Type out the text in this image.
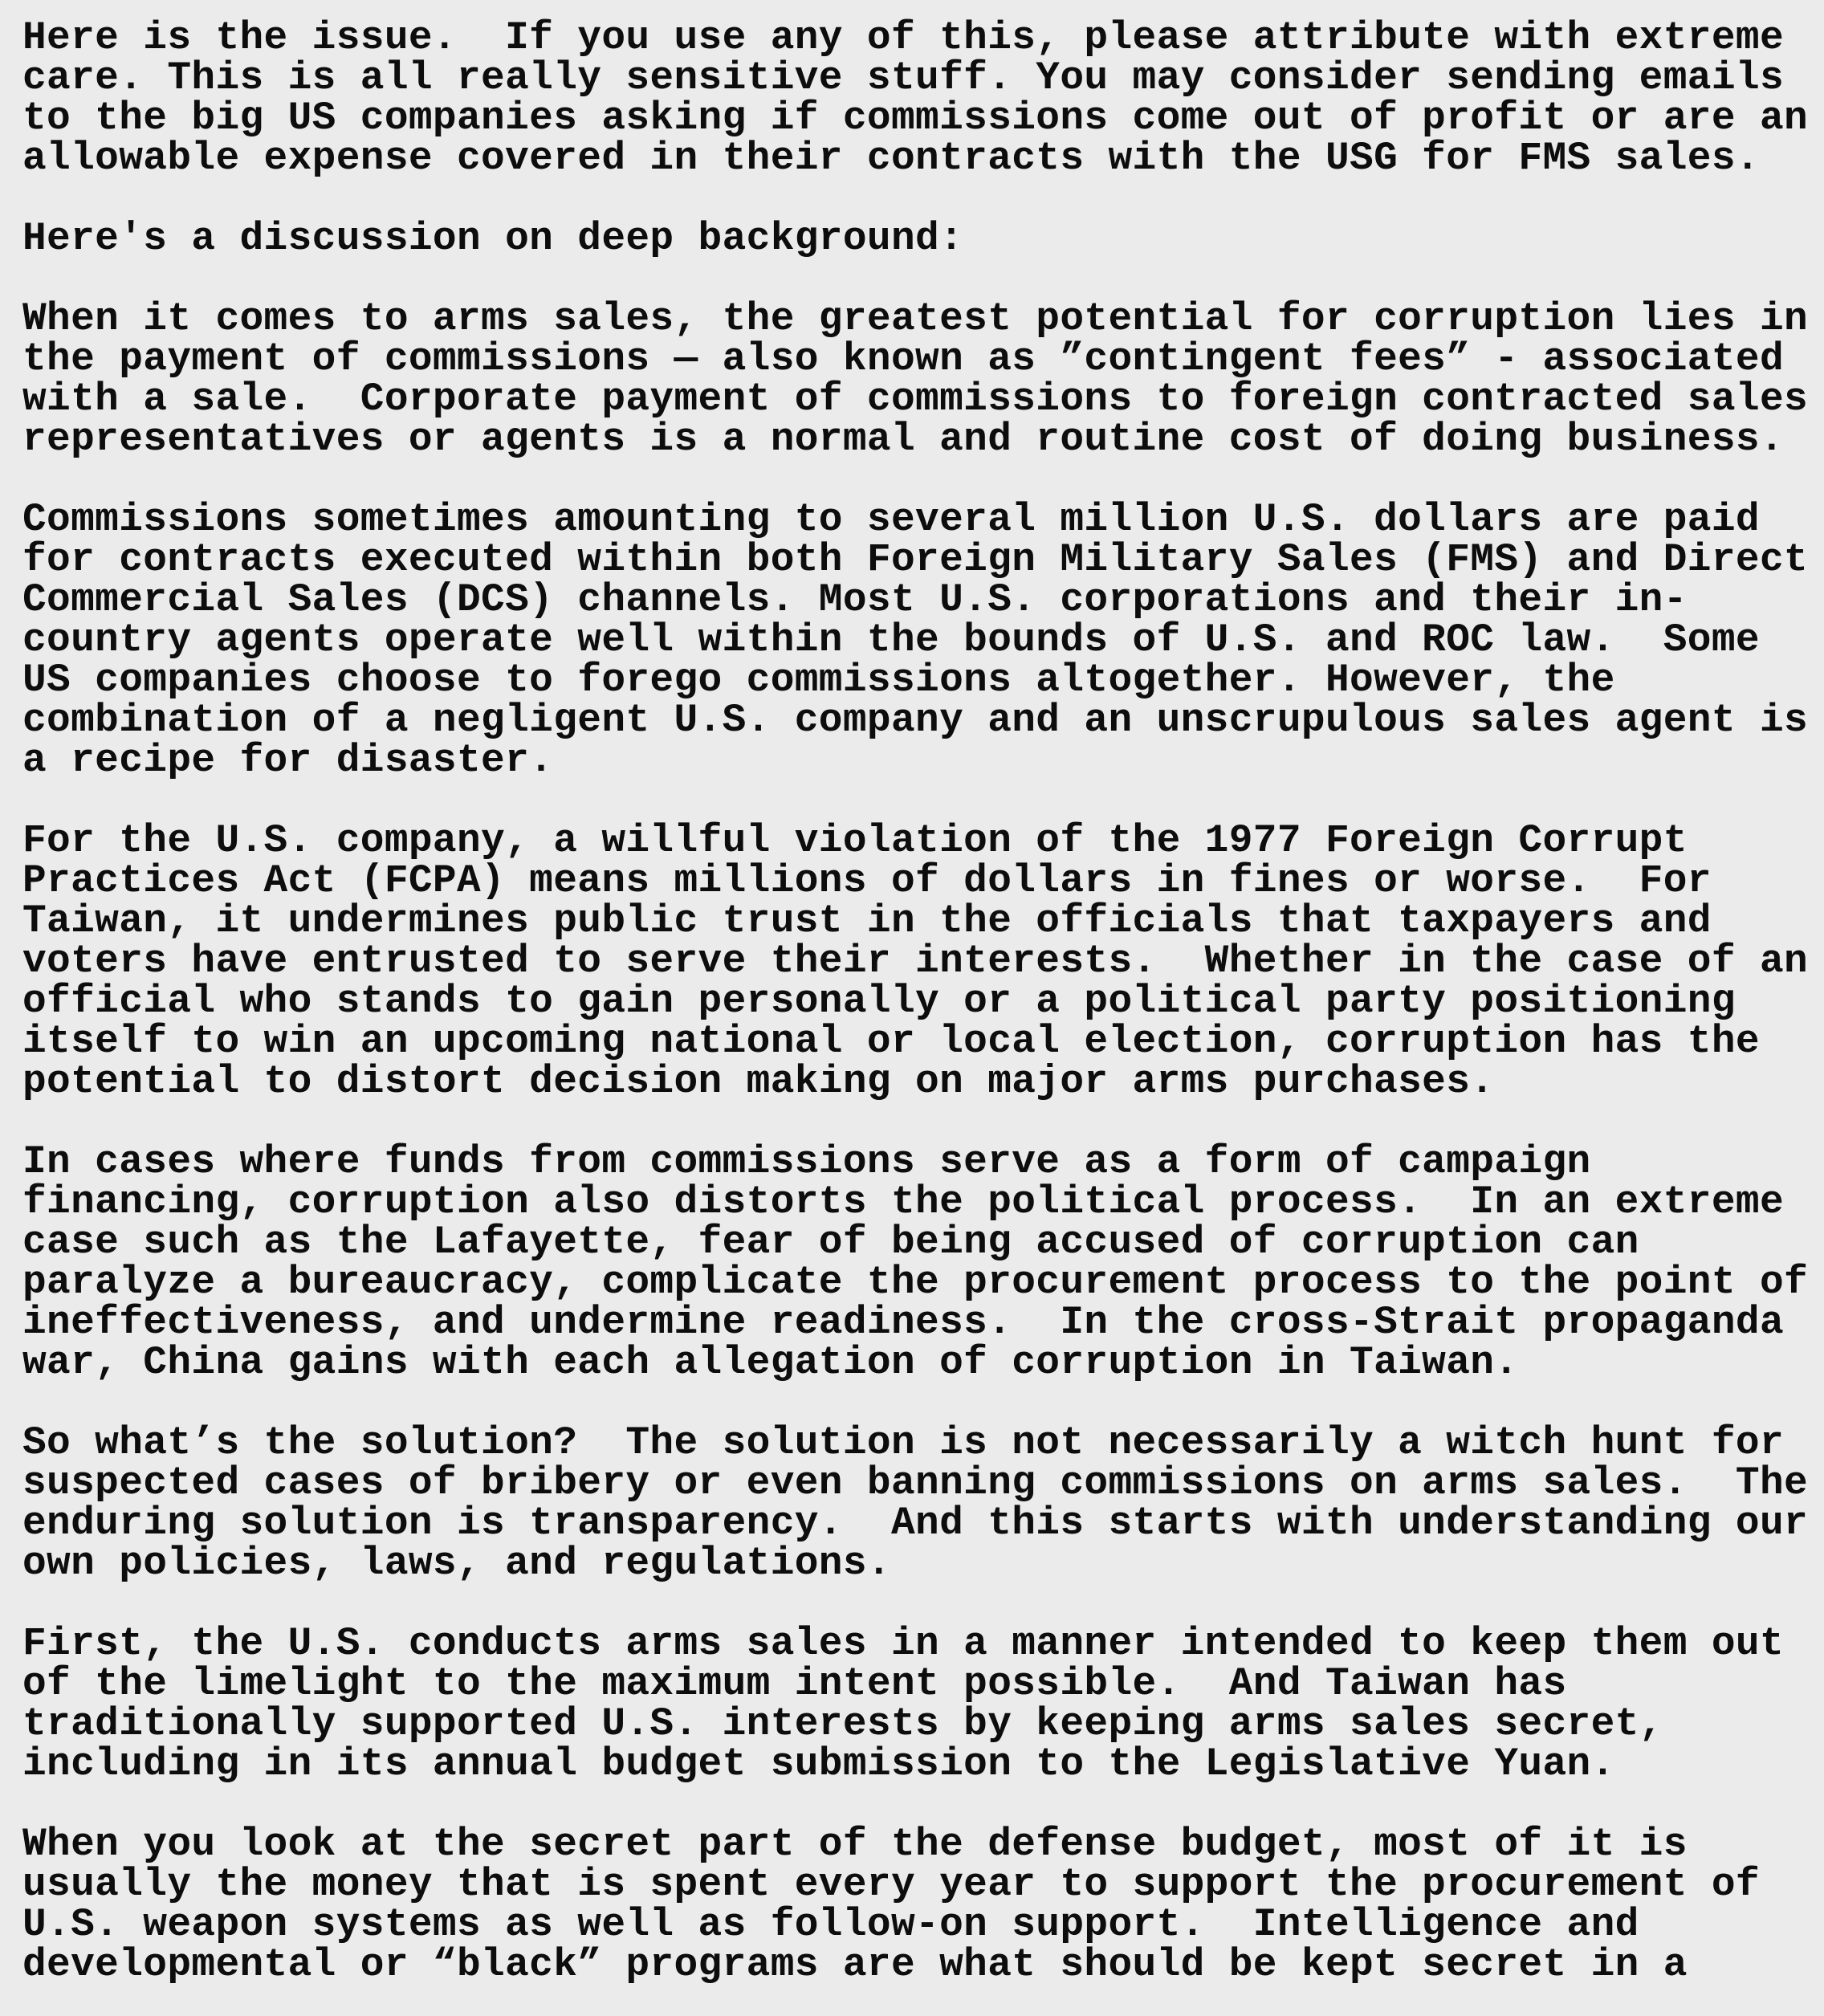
Here is the issue.  If you use any of this, please attribute with extreme
care. This is all really sensitive stuff. You may consider sending emails
to the big US companies asking if commissions come out of profit or are an
allowable expense covered in their contracts with the USG for FMS sales.
Here's a discussion on deep background:
When it comes to arms sales, the greatest potential for corruption lies in
the payment of commissions — also known as ”contingent fees” - associated
with a sale.  Corporate payment of commissions to foreign contracted sales
representatives or agents is a normal and routine cost of doing business.
Commissions sometimes amounting to several million U.S. dollars are paid
for contracts executed within both Foreign Military Sales (FMS) and Direct
Commercial Sales (DCS) channels. Most U.S. corporations and their in-
country agents operate well within the bounds of U.S. and ROC law.  Some
US companies choose to forego commissions altogether. However, the
combination of a negligent U.S. company and an unscrupulous sales agent is
a recipe for disaster.
For the U.S. company, a willful violation of the 1977 Foreign Corrupt
Practices Act (FCPA) means millions of dollars in fines or worse.  For
Taiwan, it undermines public trust in the officials that taxpayers and
voters have entrusted to serve their interests.  Whether in the case of an
official who stands to gain personally or a political party positioning
itself to win an upcoming national or local election, corruption has the
potential to distort decision making on major arms purchases.
In cases where funds from commissions serve as a form of campaign
financing, corruption also distorts the political process.  In an extreme
case such as the Lafayette, fear of being accused of corruption can
paralyze a bureaucracy, complicate the procurement process to the point of
ineffectiveness, and undermine readiness.  In the cross-Strait propaganda
war, China gains with each allegation of corruption in Taiwan.
So what’s the solution?  The solution is not necessarily a witch hunt for
suspected cases of bribery or even banning commissions on arms sales.  The
enduring solution is transparency.  And this starts with understanding our
own policies, laws, and regulations.
First, the U.S. conducts arms sales in a manner intended to keep them out
of the limelight to the maximum intent possible.  And Taiwan has
traditionally supported U.S. interests by keeping arms sales secret,
including in its annual budget submission to the Legislative Yuan.
When you look at the secret part of the defense budget, most of it is
usually the money that is spent every year to support the procurement of
U.S. weapon systems as well as follow-on support.  Intelligence and
developmental or “black” programs are what should be kept secret in a
